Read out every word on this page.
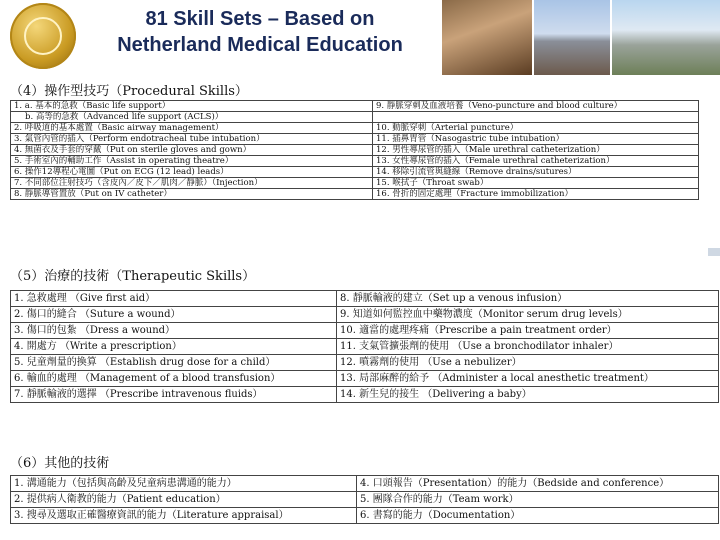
81 Skill Sets – Based on
Netherland Medical Education
（4）操作型技巧（Procedural Skills）
1. a. 基本的急救（Basic life support）	9. 靜脈穿刺及血液培養（Veno-puncture and blood culture）
b. 高等的急救（Advanced life support (ACLS)）	
2. 呼吸道的基本處置（Basic airway management）	10. 動脈穿刺（Arterial puncture）
3. 氣管內管的插入（Perform endotracheal tube intubation）	11. 插鼻胃管（Nasogastric tube intubation）
4. 無菌衣及手套的穿戴（Put on sterile gloves and gown）	12. 男性導尿管的插入（Male urethral catheterization）
5. 手術室內的輔助工作（Assist in operating theatre）	13. 女性導尿管的插入（Female urethral catheterization）
6. 操作12導程心電圖（Put on ECG (12 lead) leads）	14. 移除引流管與縫線（Remove drains/sutures）
7. 不同部位注射技巧（含皮內／皮下／肌肉／靜脈）（Injection）	15. 喉拭子（Throat swab）
8. 靜脈導管置放（Put on IV catheter）	16. 骨折的固定處理（Fracture immobilization）
（5）治療的技術（Therapeutic Skills）
1. 急救處理 （Give first aid）	8. 靜脈輸液的建立（Set up a venous infusion）
2. 傷口的縫合 （Suture a wound）	9. 知道如何監控血中藥物濃度（Monitor serum drug levels）
3. 傷口的包紮 （Dress a wound）	10. 適當的處理疼痛（Prescribe a pain treatment order）
4. 開處方 （Write a prescription）	11. 支氣管擴張劑的使用 （Use a bronchodilator inhaler）
5. 兒童劑量的換算 （Establish drug dose for a child）	12. 噴霧劑的使用 （Use a nebulizer）
6. 輸血的處理 （Management of a blood transfusion）	13. 局部麻醉的給予 （Administer a local anesthetic treatment）
7. 靜脈輸液的選擇 （Prescribe intravenous fluids）	14. 新生兒的接生 （Delivering a baby）
（6）其他的技術
1. 溝通能力（包括與高齡及兒童病患溝通的能力）	4. 口頭報告（Presentation）的能力（Bedside and conference）
2. 提供病人衛教的能力（Patient education）	5. 團隊合作的能力（Team work）
3. 搜尋及選取正確醫療資訊的能力（Literature appraisal）	6. 書寫的能力（Documentation）
